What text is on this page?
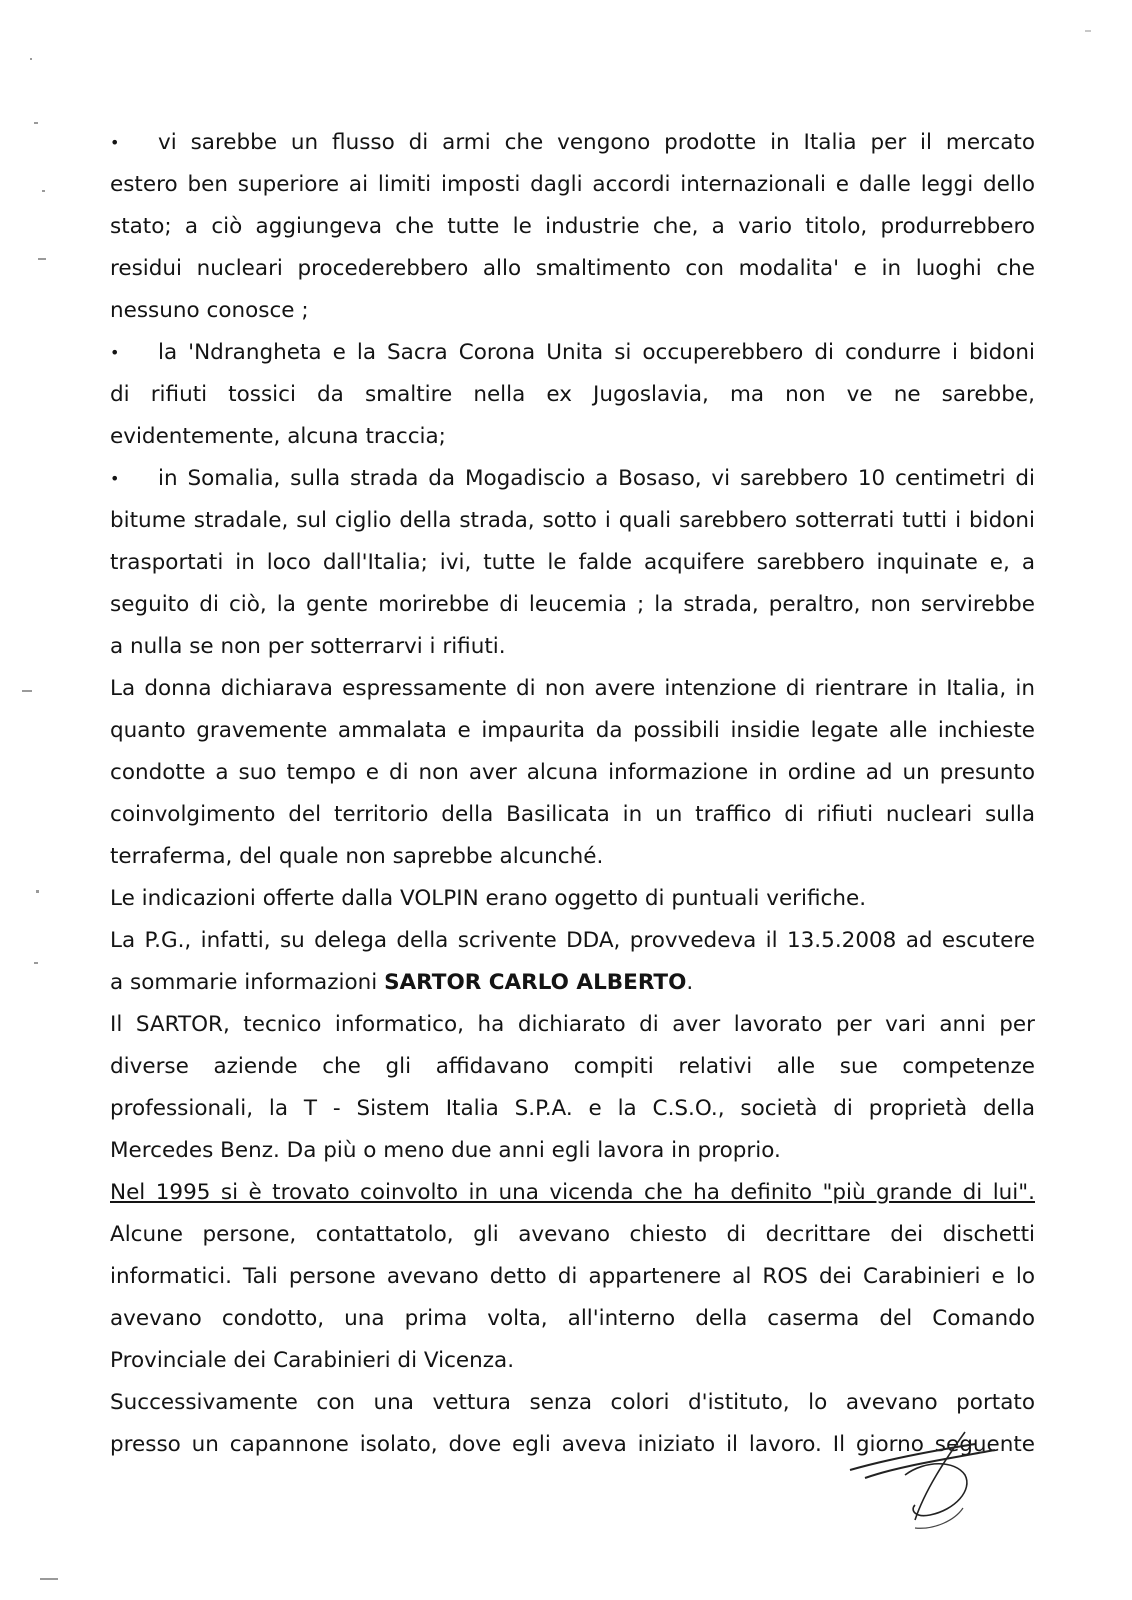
• vi sarebbe un flusso di armi che vengono prodotte in Italia per il mercato
estero ben superiore ai limiti imposti dagli accordi internazionali e dalle leggi dello
stato; a ciò aggiungeva che tutte le industrie che, a vario titolo, produrrebbero
residui nucleari procederebbero allo smaltimento con modalita' e in luoghi che
nessuno conosce ;
• la 'Ndrangheta e la Sacra Corona Unita si occuperebbero di condurre i bidoni
di rifiuti tossici da smaltire nella ex Jugoslavia, ma non ve ne sarebbe,
evidentemente, alcuna traccia;
• in Somalia, sulla strada da Mogadiscio a Bosaso, vi sarebbero 10 centimetri di
bitume stradale, sul ciglio della strada, sotto i quali sarebbero sotterrati tutti i bidoni
trasportati in loco dall'Italia; ivi, tutte le falde acquifere sarebbero inquinate e, a
seguito di ciò, la gente morirebbe di leucemia ; la strada, peraltro, non servirebbe
a nulla se non per sotterrarvi i rifiuti.
La donna dichiarava espressamente di non avere intenzione di rientrare in Italia, in
quanto gravemente ammalata e impaurita da possibili insidie legate alle inchieste
condotte a suo tempo e di non aver alcuna informazione in ordine ad un presunto
coinvolgimento del territorio della Basilicata in un traffico di rifiuti nucleari sulla
terraferma, del quale non saprebbe alcunché.
Le indicazioni offerte dalla VOLPIN erano oggetto di puntuali verifiche.
La P.G., infatti, su delega della scrivente DDA, provvedeva il 13.5.2008 ad escutere
a sommarie informazioni SARTOR CARLO ALBERTO.
Il SARTOR, tecnico informatico, ha dichiarato di aver lavorato per vari anni per
diverse aziende che gli affidavano compiti relativi alle sue competenze
professionali, la T - Sistem Italia S.P.A. e la C.S.O., società di proprietà della
Mercedes Benz. Da più o meno due anni egli lavora in proprio.
Nel 1995 si è trovato coinvolto in una vicenda che ha definito "più grande di lui".
Alcune persone, contattatolo, gli avevano chiesto di decrittare dei dischetti
informatici. Tali persone avevano detto di appartenere al ROS dei Carabinieri e lo
avevano condotto, una prima volta, all'interno della caserma del Comando
Provinciale dei Carabinieri di Vicenza.
Successivamente con una vettura senza colori d'istituto, lo avevano portato
presso un capannone isolato, dove egli aveva iniziato il lavoro. Il giorno seguente
